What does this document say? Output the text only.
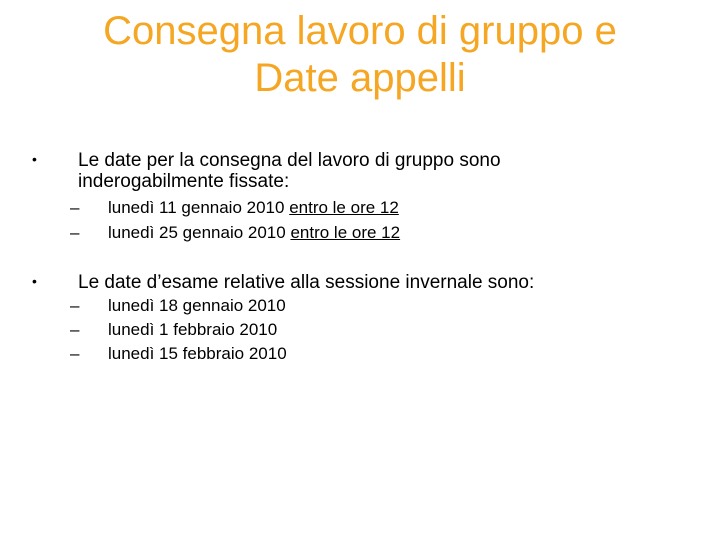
Consegna lavoro di gruppo e
Date appelli
• Le date per la consegna del lavoro di gruppo sono
inderogabilmente fissate:
– lunedì 11 gennaio 2010 entro le ore 12
– lunedì 25 gennaio 2010 entro le ore 12
• Le date d’esame relative alla sessione invernale sono:
– lunedì 18 gennaio 2010
– lunedì 1 febbraio 2010
– lunedì 15 febbraio 2010
